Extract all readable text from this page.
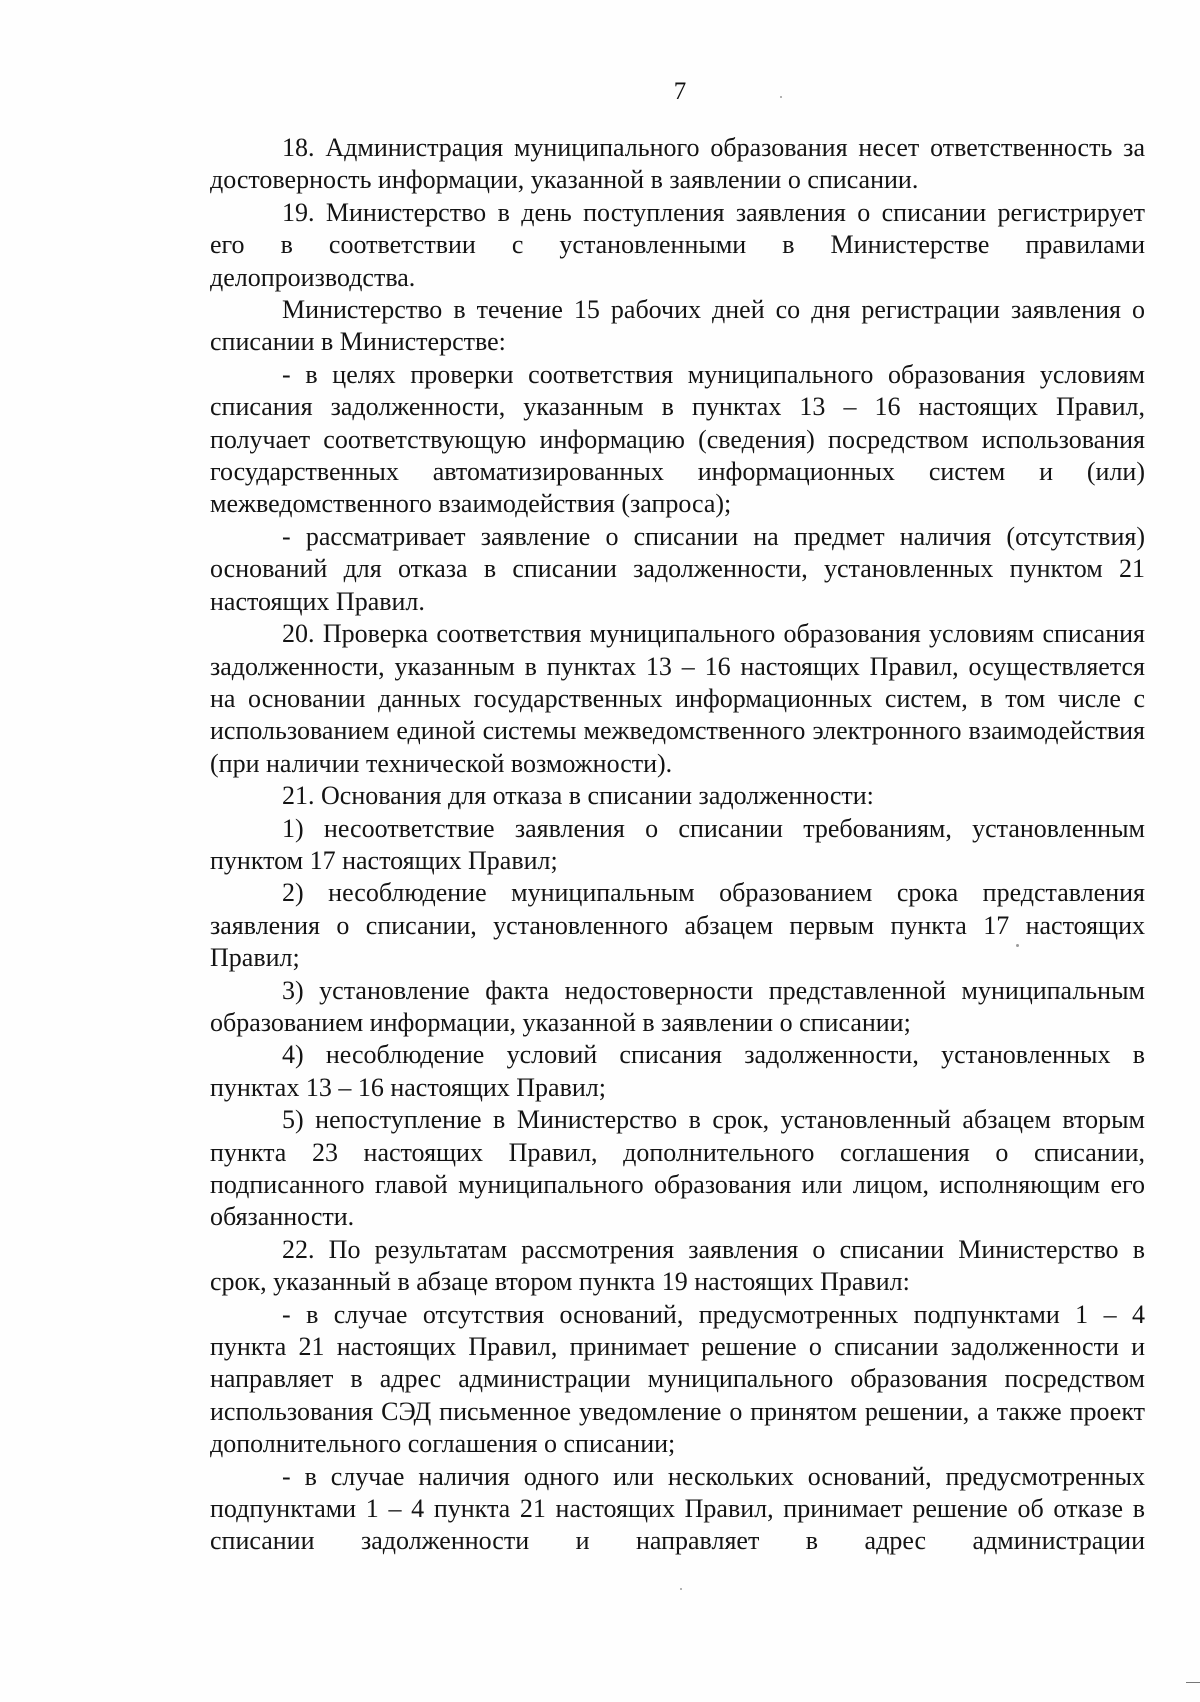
7

18. Администрация муниципального образования несет ответственность за достоверность информации, указанной в заявлении о списании.

19. Министерство в день поступления заявления о списании регистрирует его в соответствии с установленными в Министерстве правилами делопроизводства.

Министерство в течение 15 рабочих дней со дня регистрации заявления о списании в Министерстве:

- в целях проверки соответствия муниципального образования условиям списания задолженности, указанным в пунктах 13 – 16 настоящих Правил, получает соответствующую информацию (сведения) посредством использования государственных автоматизированных информационных систем и (или) межведомственного взаимодействия (запроса);

- рассматривает заявление о списании на предмет наличия (отсутствия) оснований для отказа в списании задолженности, установленных пунктом 21 настоящих Правил.

20. Проверка соответствия муниципального образования условиям списания задолженности, указанным в пунктах 13 – 16 настоящих Правил, осуществляется на основании данных государственных информационных систем, в том числе с использованием единой системы межведомственного электронного взаимодействия (при наличии технической возможности).

21. Основания для отказа в списании задолженности:

1) несоответствие заявления о списании требованиям, установленным пунктом 17 настоящих Правил;

2) несоблюдение муниципальным образованием срока представления заявления о списании, установленного абзацем первым пункта 17 настоящих Правил;

3) установление факта недостоверности представленной муниципальным образованием информации, указанной в заявлении о списании;

4) несоблюдение условий списания задолженности, установленных в пунктах 13 – 16 настоящих Правил;

5) непоступление в Министерство в срок, установленный абзацем вторым пункта 23 настоящих Правил, дополнительного соглашения о списании, подписанного главой муниципального образования или лицом, исполняющим его обязанности.

22. По результатам рассмотрения заявления о списании Министерство в срок, указанный в абзаце втором пункта 19 настоящих Правил:

- в случае отсутствия оснований, предусмотренных подпунктами 1 – 4 пункта 21 настоящих Правил, принимает решение о списании задолженности и направляет в адрес администрации муниципального образования посредством использования СЭД письменное уведомление о принятом решении, а также проект дополнительного соглашения о списании;

- в случае наличия одного или нескольких оснований, предусмотренных подпунктами 1 – 4 пункта 21 настоящих Правил, принимает решение об отказе в списании задолженности и направляет в адрес администрации
